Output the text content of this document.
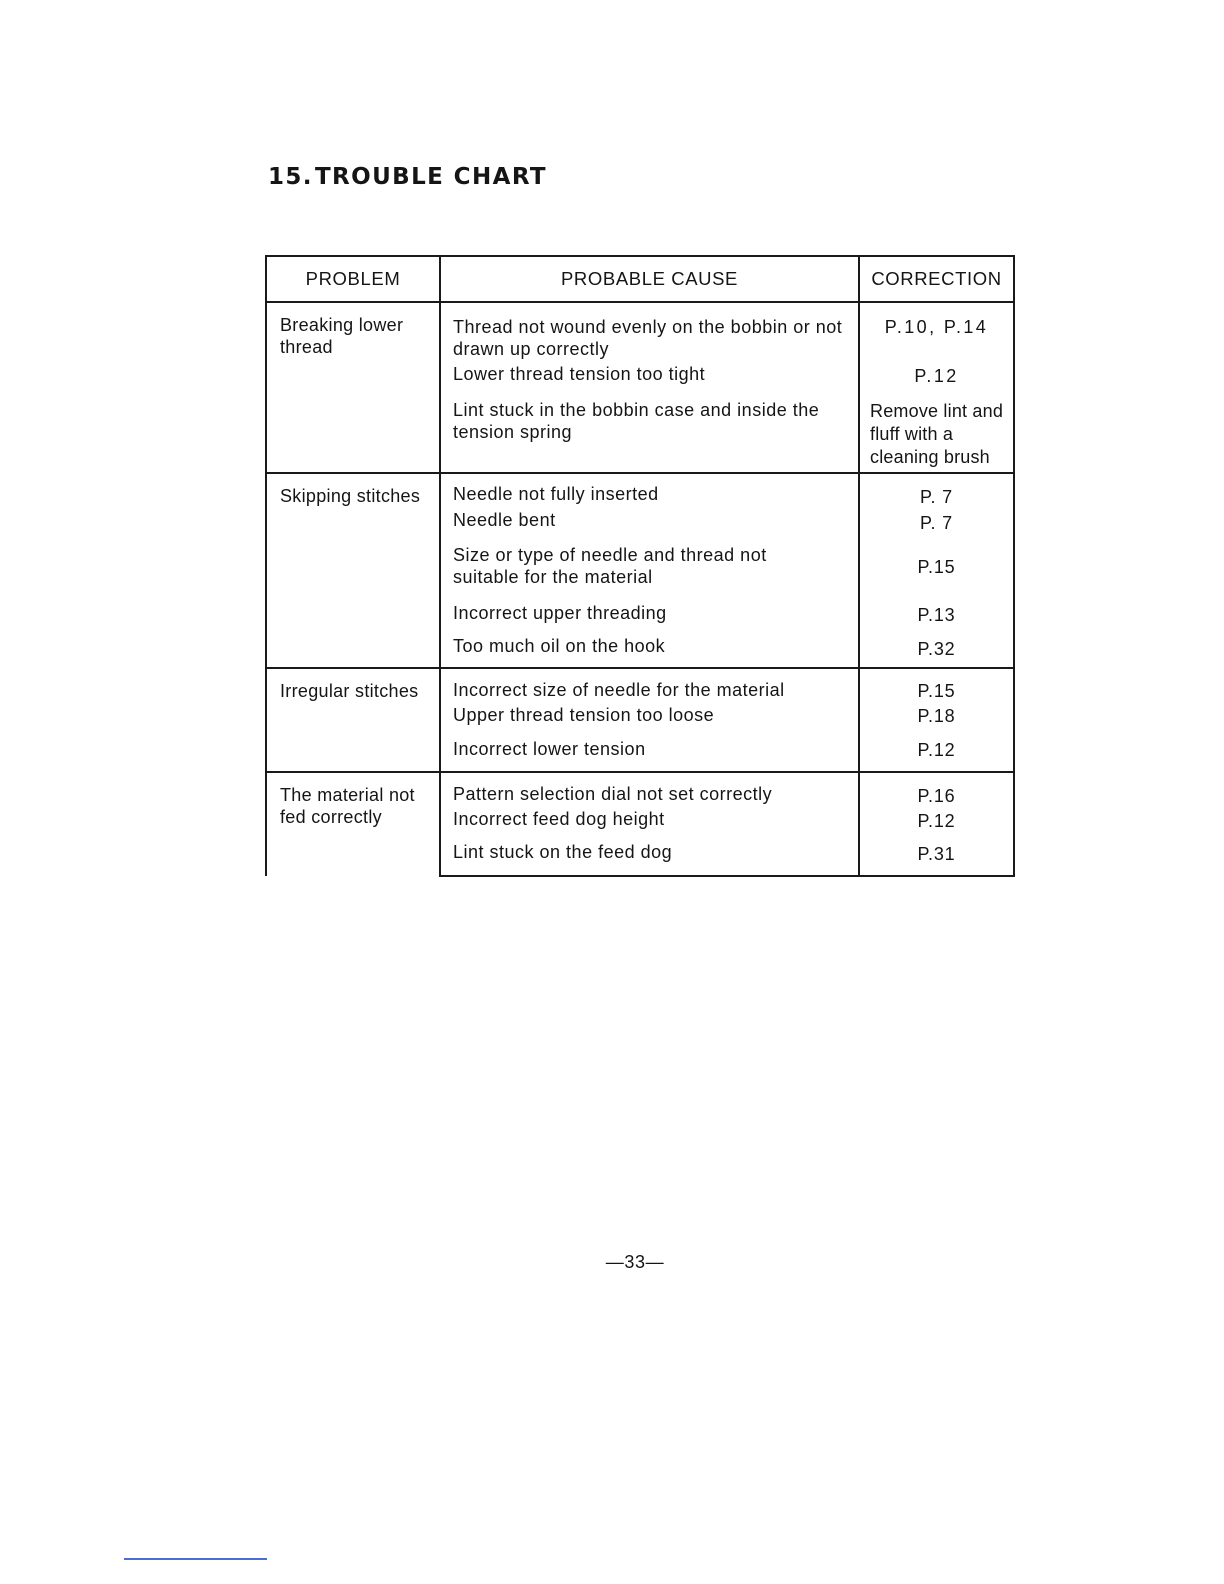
15.TROUBLE CHART
PROBLEM	PROBABLE CAUSE	CORRECTION
Breaking lower thread	Thread not wound evenly on the bobbin or not drawn up correctly	P.10, P.14

	Lower thread tension too tight	P.12

	Lint stuck in the bobbin case and inside the tension spring	Remove lint and fluff with a cleaning brush

Skipping stitches	Needle not fully inserted	P. 7

	Needle bent	P. 7

	Size or type of needle and thread not suitable for the material	P.15

	Incorrect upper threading	P.13

	Too much oil on the hook	P.32

Irregular stitches	Incorrect size of needle for the material	P.15

	Upper thread tension too loose	P.18

	Incorrect lower tension	P.12

The material not fed correctly	Pattern selection dial not set correctly	P.16

	Incorrect feed dog height	P.12

	Lint stuck on the feed dog	P.31
—33—
